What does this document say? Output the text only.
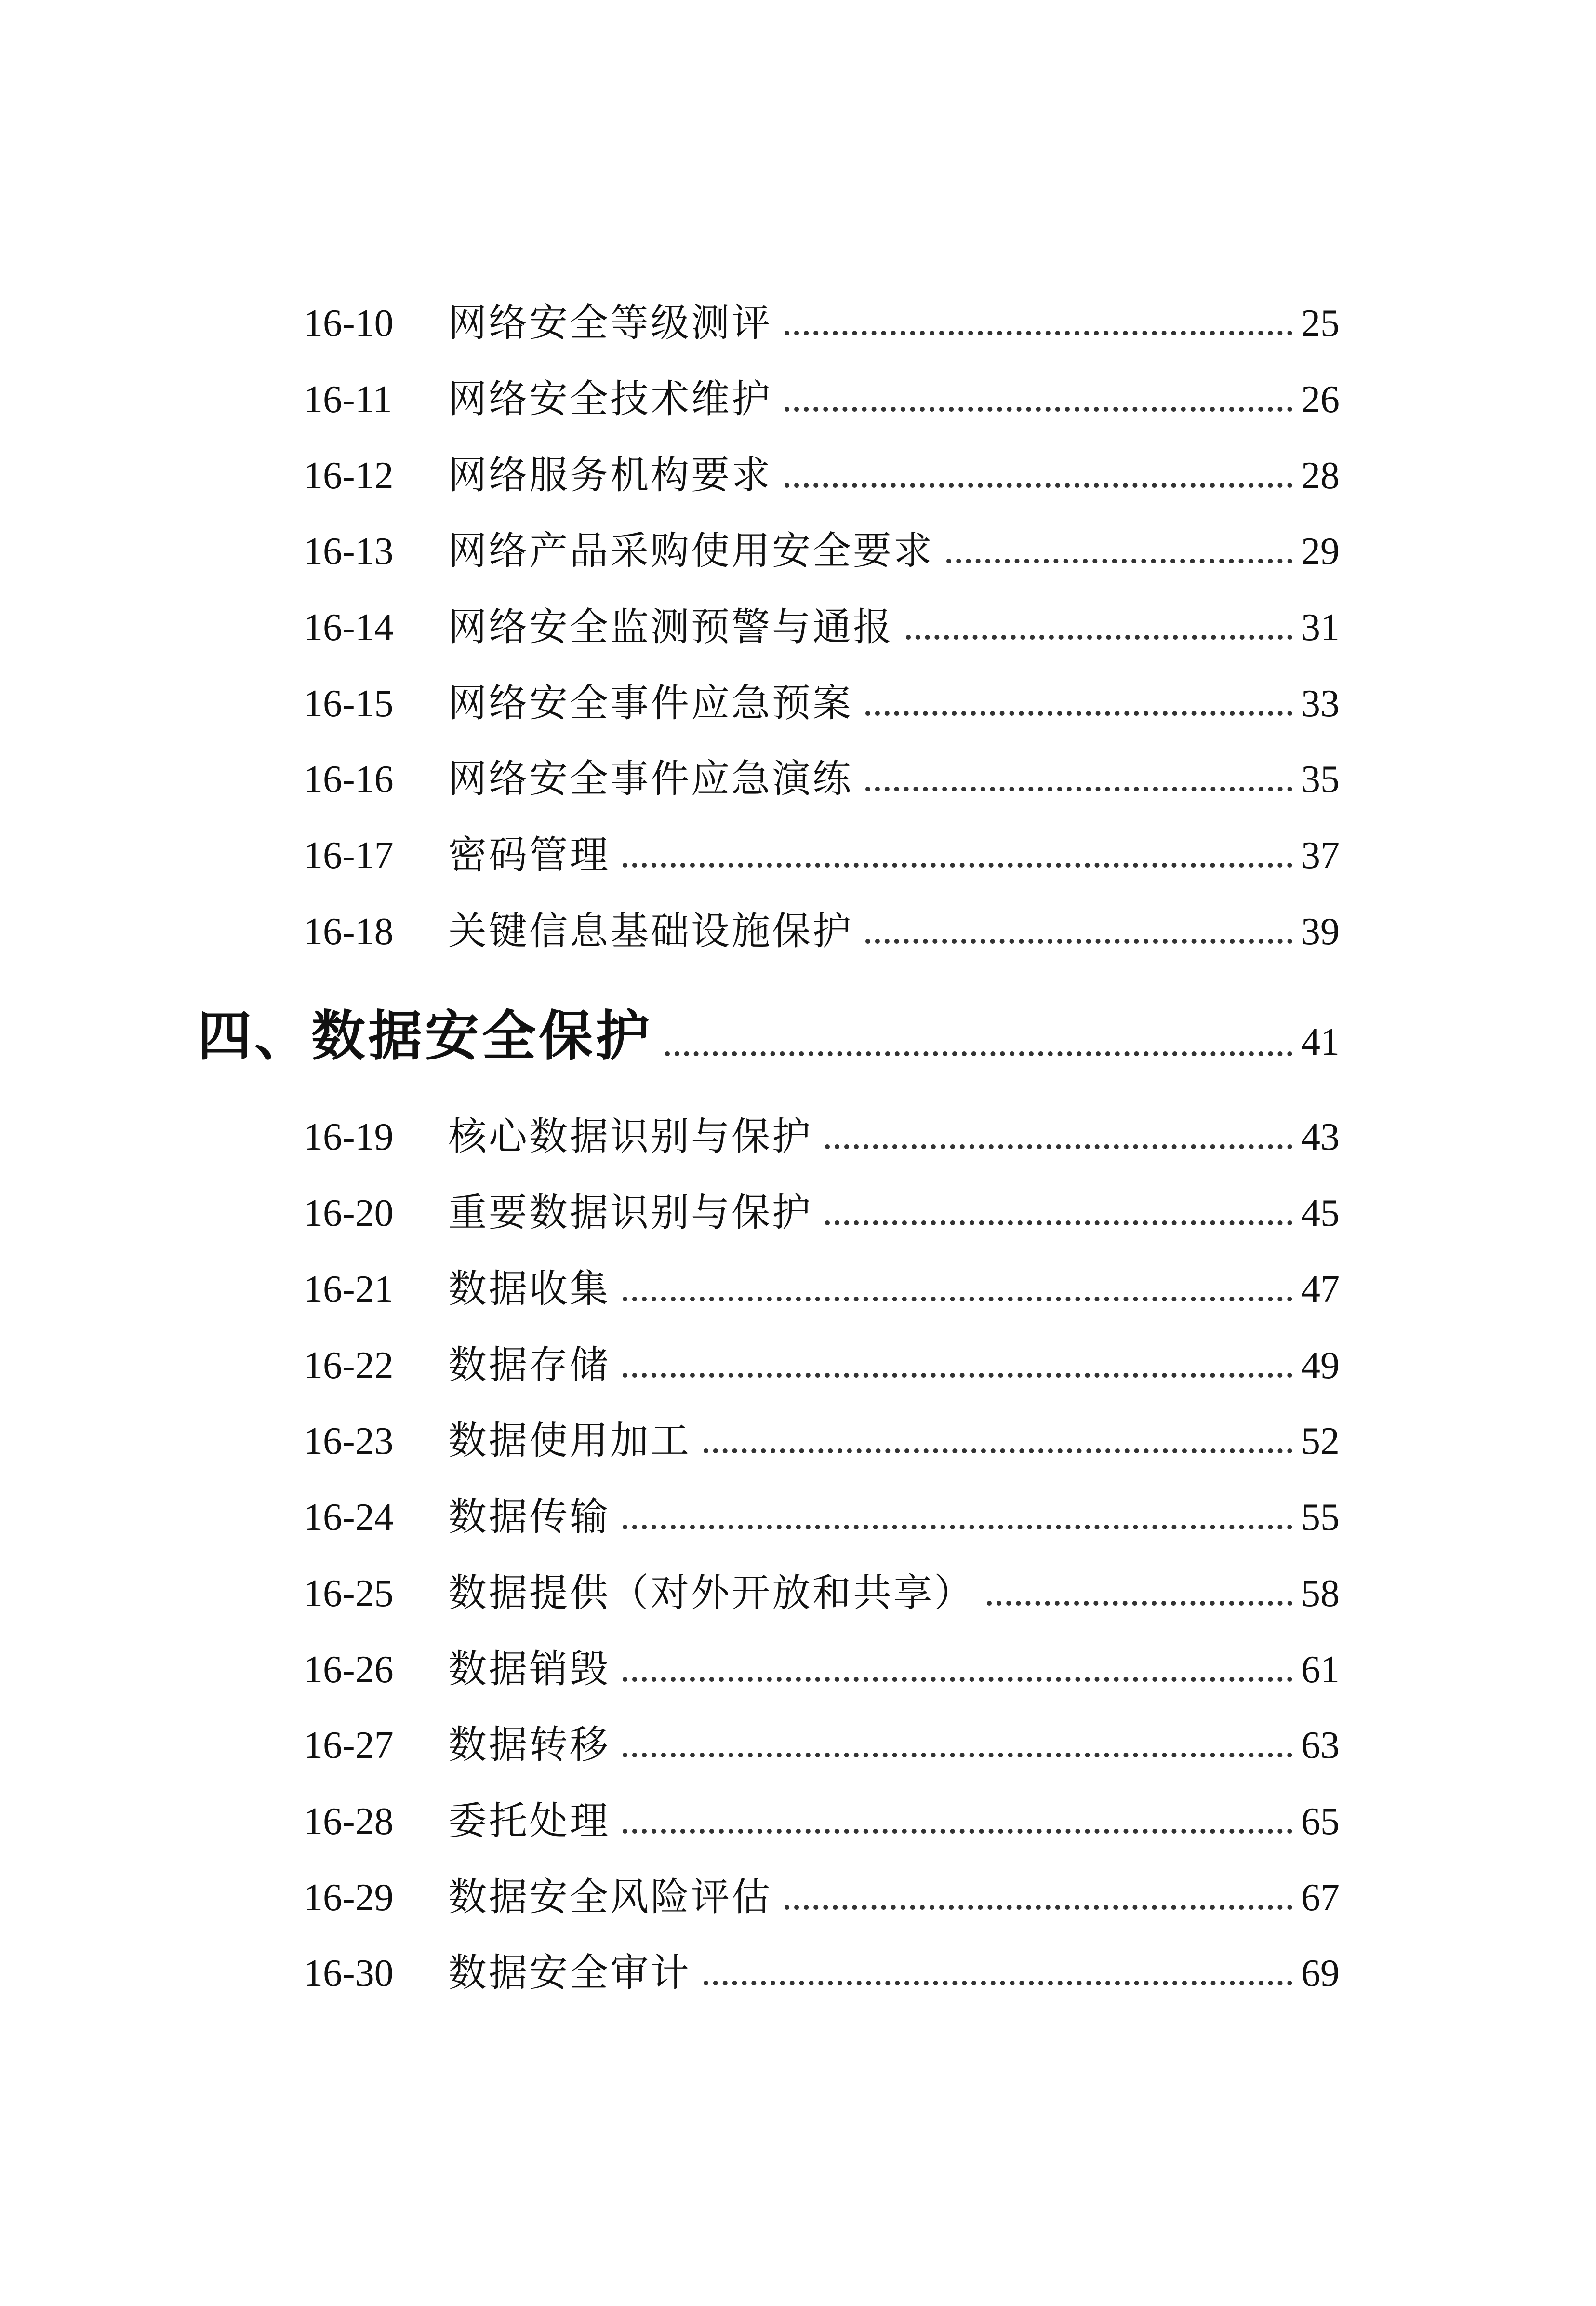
16-10	网络安全等级测评	25
16-11	网络安全技术维护	26
16-12	网络服务机构要求	28
16-13	网络产品采购使用安全要求	29
16-14	网络安全监测预警与通报	31
16-15	网络安全事件应急预案	33
16-16	网络安全事件应急演练	35
16-17	密码管理	37
16-18	关键信息基础设施保护	39
四、数据安全保护	41
16-19	核心数据识别与保护	43
16-20	重要数据识别与保护	45
16-21	数据收集	47
16-22	数据存储	49
16-23	数据使用加工	52
16-24	数据传输	55
16-25	数据提供（对外开放和共享）	58
16-26	数据销毁	61
16-27	数据转移	63
16-28	委托处理	65
16-29	数据安全风险评估	67
16-30	数据安全审计	69
